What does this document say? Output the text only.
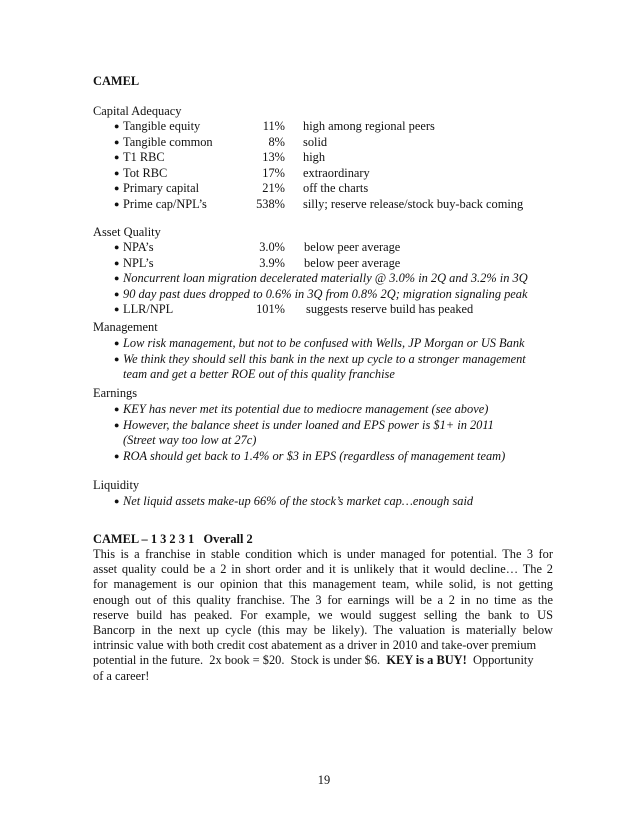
CAMEL
Capital Adequacy
● Tangible equity	11% high among regional peers
● Tangible common	8% solid
● T1 RBC	13% high
● Tot RBC	17% extraordinary
● Primary capital	21% off the charts
● Prime cap/NPL’s	538% silly; reserve release/stock buy-back coming
Asset Quality
● NPA’s	3.0% below peer average
● NPL’s	3.9% below peer average
● Noncurrent loan migration decelerated materially @ 3.0% in 2Q and 3.2% in 3Q
● 90 day past dues dropped to 0.6% in 3Q from 0.8% 2Q; migration signaling peak
● LLR/NPL	101% suggests reserve build has peaked
Management
● Low risk management, but not to be confused with Wells, JP Morgan or US Bank
● We think they should sell this bank in the next up cycle to a stronger management
team and get a better ROE out of this quality franchise
Earnings
● KEY has never met its potential due to mediocre management (see above)
● However, the balance sheet is under loaned and EPS power is $1+ in 2011
(Street way too low at 27c)
● ROA should get back to 1.4% or $3 in EPS (regardless of management team)
Liquidity
● Net liquid assets make-up 66% of the stock’s market cap…enough said
CAMEL – 1 3 2 3 1   Overall 2
This is a franchise in stable condition which is under managed for potential. The 3 for
asset quality could be a 2 in short order and it is unlikely that it would decline… The 2
for management is our opinion that this management team, while solid, is not getting
enough out of this quality franchise. The 3 for earnings will be a 2 in no time as the
reserve build has peaked. For example, we would suggest selling the bank to US
Bancorp in the next up cycle (this may be likely). The valuation is materially below
intrinsic value with both credit cost abatement as a driver in 2010 and take-over premium
potential in the future.  2x book = $20.  Stock is under $6.  KEY is a BUY!  Opportunity
of a career!
19
